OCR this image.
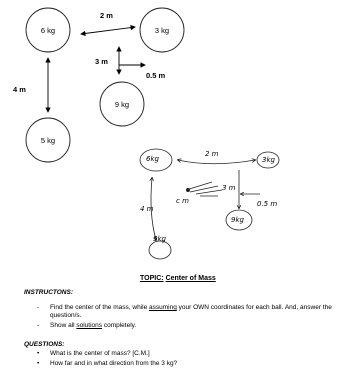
6 kg	3 kg
9 kg
5 kg
2 m
3 m
0.5 m
4 m
6kg	3kg
9kg
5kg
2 m
3 m
0.5 m
4 m
c m
TOPIC: Center of Mass
INSTRUCTONS:
- Find the center of the mass, while assuming your OWN coordinates for each ball. And, answer the
question/s.
- Show all solutions completely.
QUESTIONS:
• What is the center of mass? [C.M.]
• How far and in what direction from the 3 kg?
